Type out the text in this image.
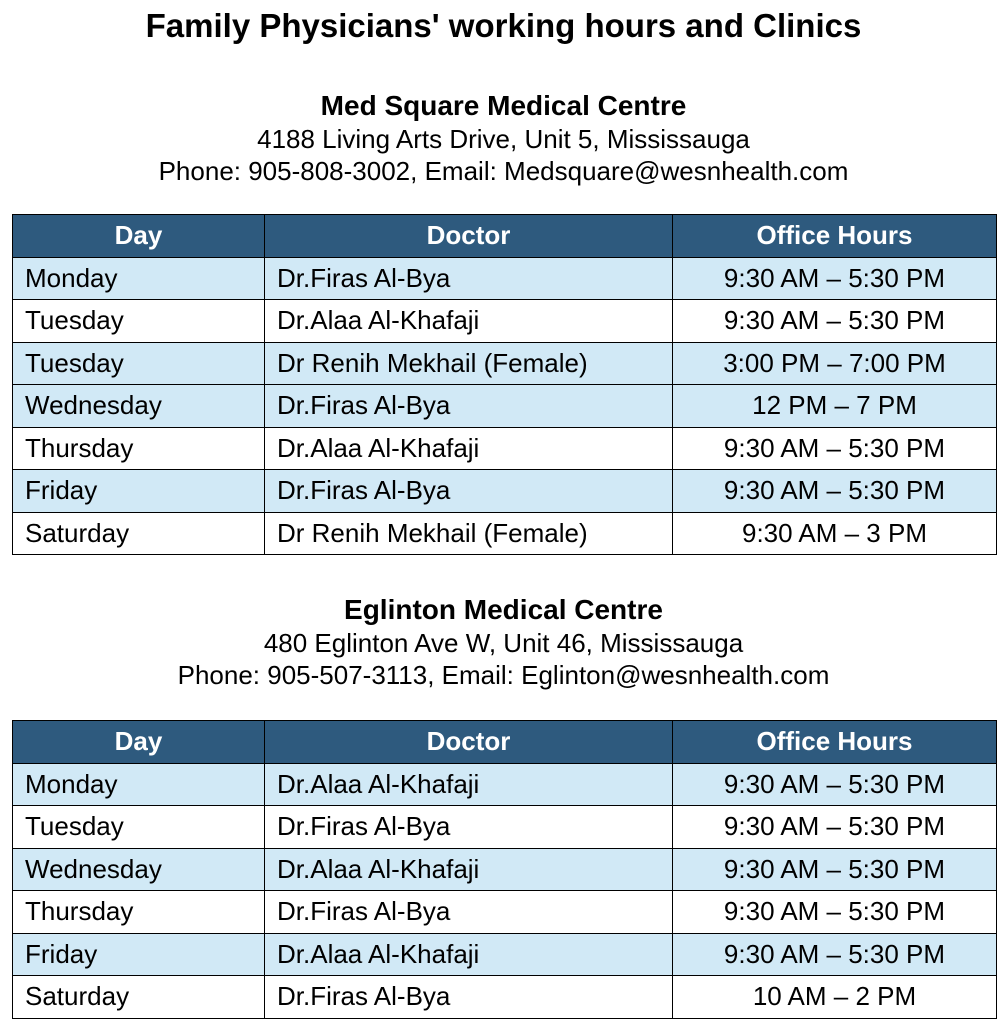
Family Physicians' working hours and Clinics
Med Square Medical Centre
4188 Living Arts Drive, Unit 5, Mississauga
Phone: 905-808-3002, Email: Medsquare@wesnhealth.com
Day	Doctor	Office Hours
Monday	Dr.Firas Al-Bya	9:30 AM – 5:30 PM
Tuesday	Dr.Alaa Al-Khafaji	9:30 AM – 5:30 PM
Tuesday	Dr Renih Mekhail (Female)	3:00 PM – 7:00 PM
Wednesday	Dr.Firas Al-Bya	12 PM – 7 PM
Thursday	Dr.Alaa Al-Khafaji	9:30 AM – 5:30 PM
Friday	Dr.Firas Al-Bya	9:30 AM – 5:30 PM
Saturday	Dr Renih Mekhail (Female)	9:30 AM – 3 PM
Eglinton Medical Centre
480 Eglinton Ave W, Unit 46, Mississauga
Phone: 905-507-3113, Email: Eglinton@wesnhealth.com
Day	Doctor	Office Hours
Monday	Dr.Alaa Al-Khafaji	9:30 AM – 5:30 PM
Tuesday	Dr.Firas Al-Bya	9:30 AM – 5:30 PM
Wednesday	Dr.Alaa Al-Khafaji	9:30 AM – 5:30 PM
Thursday	Dr.Firas Al-Bya	9:30 AM – 5:30 PM
Friday	Dr.Alaa Al-Khafaji	9:30 AM – 5:30 PM
Saturday	Dr.Firas Al-Bya	10 AM – 2 PM
